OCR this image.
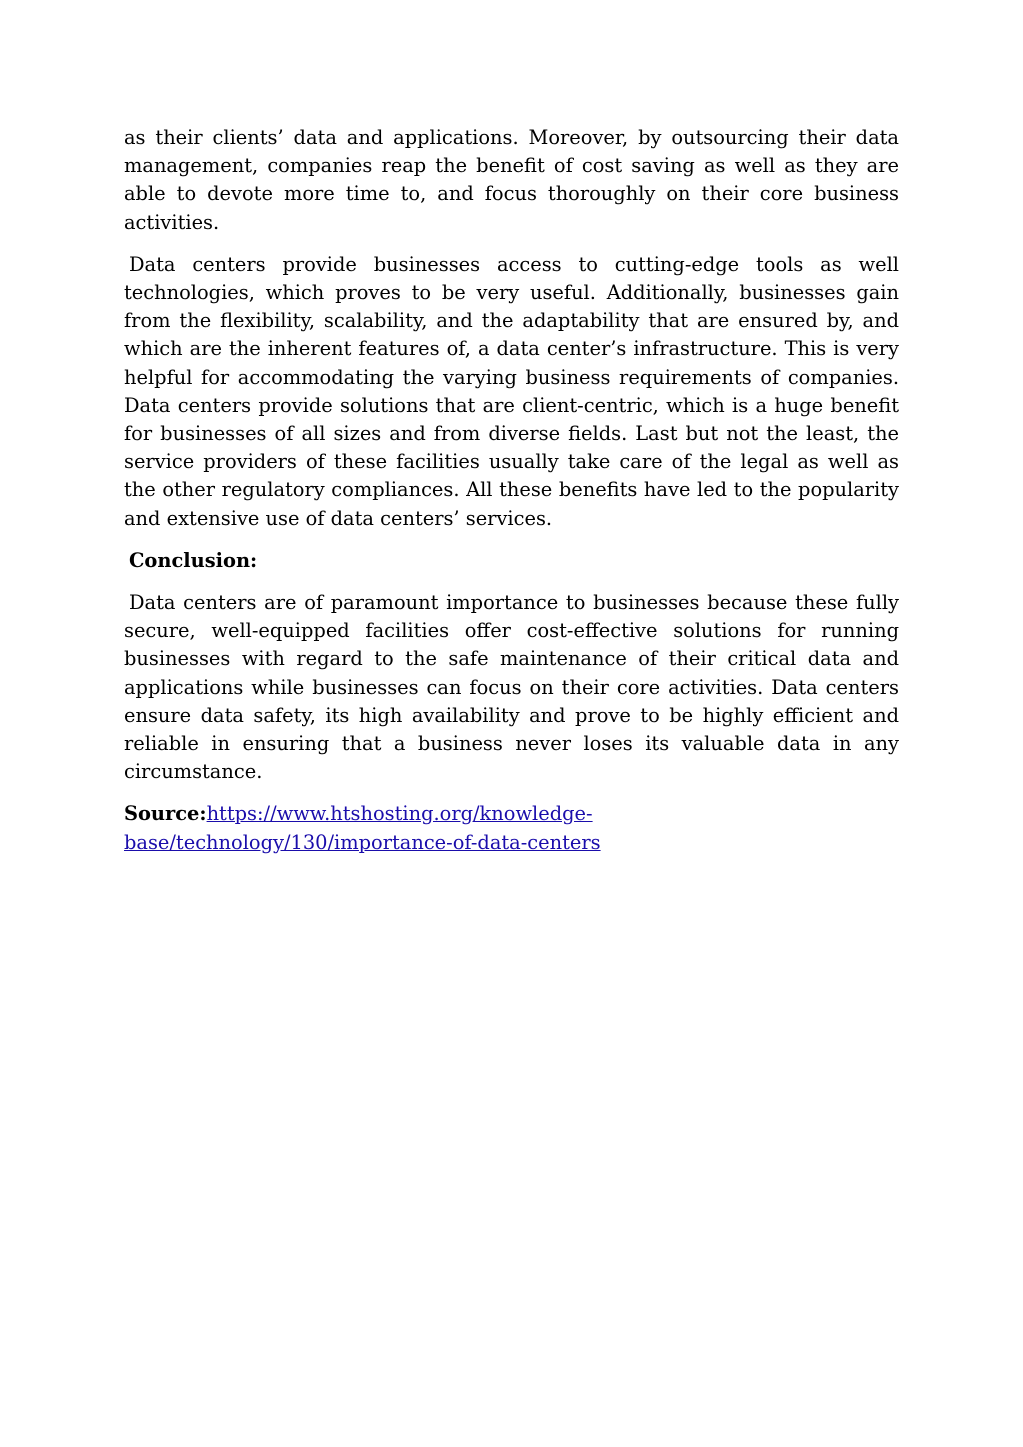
as their clients’ data and applications. Moreover, by outsourcing their data management, companies reap the benefit of cost saving as well as they are able to devote more time to, and focus thoroughly on their core business activities.

Data centers provide businesses access to cutting-edge tools as well technologies, which proves to be very useful. Additionally, businesses gain from the flexibility, scalability, and the adaptability that are ensured by, and which are the inherent features of, a data center’s infrastructure. This is very helpful for accommodating the varying business requirements of companies. Data centers provide solutions that are client-centric, which is a huge benefit for businesses of all sizes and from diverse fields. Last but not the least, the service providers of these facilities usually take care of the legal as well as the other regulatory compliances. All these benefits have led to the popularity and extensive use of data centers’ services.

Conclusion:

Data centers are of paramount importance to businesses because these fully secure, well-equipped facilities offer cost-effective solutions for running businesses with regard to the safe maintenance of their critical data and applications while businesses can focus on their core activities. Data centers ensure data safety, its high availability and prove to be highly efficient and reliable in ensuring that a business never loses its valuable data in any circumstance.

Source:https://www.htshosting.org/knowledge-
base/technology/130/importance-of-data-centers
